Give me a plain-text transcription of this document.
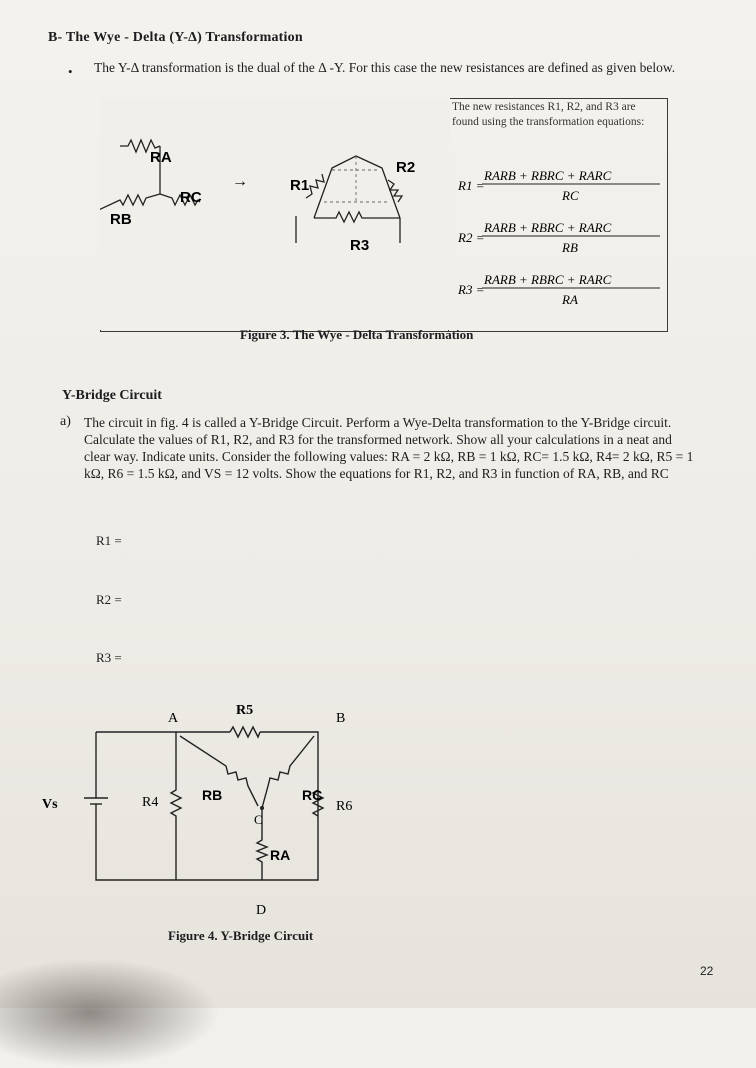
B- The Wye - Delta (Y-Δ) Transformation
• The Y-Δ transformation is the dual of the Δ -Y. For this case the new resistances are defined as given below.
The new resistances R1, R2, and R3 are found using the transformation equations:
RA
RC
RB
→	R1
R2
R3
R1 =
RARB + RBRC + RARC
RC
R2 =
RARB + RBRC + RARC
RB
R3 =
RARB + RBRC + RARC
RA
Figure 3. The Wye - Delta Transformation
Y-Bridge Circuit
a) The circuit in fig. 4 is called a Y-Bridge Circuit. Perform a Wye-Delta transformation to the Y-Bridge circuit. Calculate the values of R1, R2, and R3 for the transformed network. Show all your calculations in a neat and clear way. Indicate units. Consider the following values: RA = 2 kΩ, RB = 1 kΩ, RC= 1.5 kΩ, R4= 2 kΩ, R5 = 1 kΩ, R6 = 1.5 kΩ, and VS = 12 volts. Show the equations for R1, R2, and R3 in function of RA, RB, and RC
R1 =
R2 =
R3 =
A	B
C
D
Vs	R4
R5
R6
RB	RC
RA
Figure 4. Y-Bridge Circuit
22
